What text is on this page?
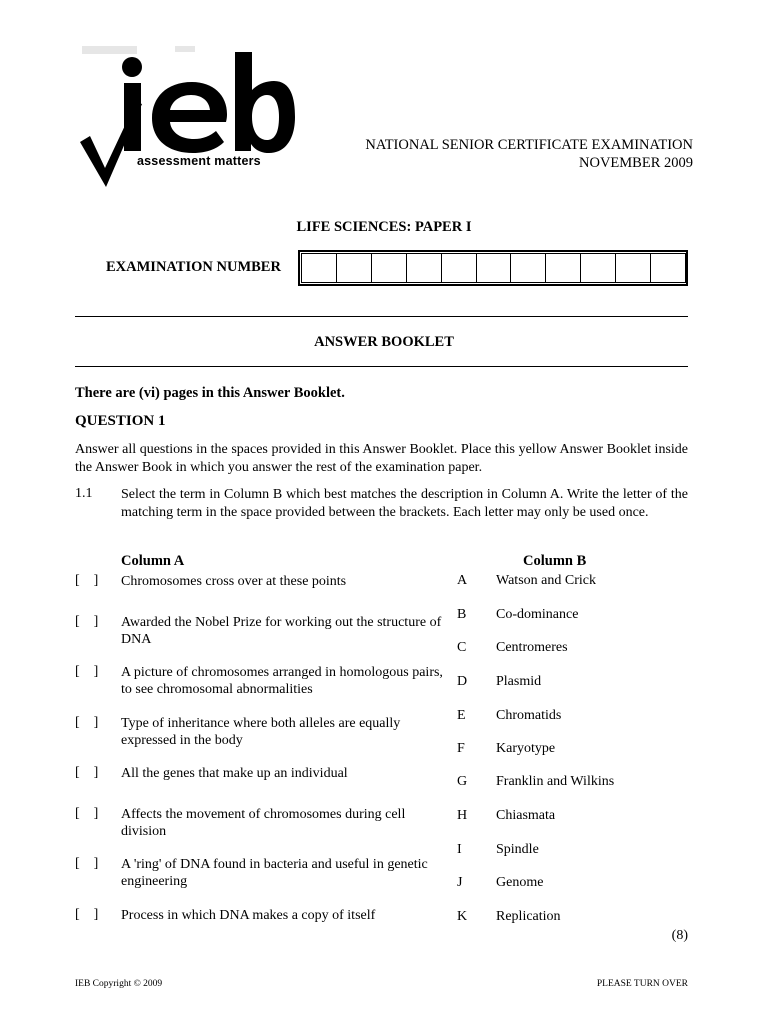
assessment matters
NATIONAL SENIOR CERTIFICATE EXAMINATION
NOVEMBER 2009
LIFE SCIENCES: PAPER I
EXAMINATION NUMBER
ANSWER BOOKLET
There are (vi) pages in this Answer Booklet.
QUESTION 1
Answer all questions in the spaces provided in this Answer Booklet. Place this yellow Answer Booklet inside the Answer Book in which you answer the rest of the examination paper.
1.1 Select the term in Column B which best matches the description in Column A. Write the letter of the matching term in the space provided between the brackets. Each letter may only be used once.
Column A	Column B
[    ]	Chromosomes cross over at these points
[    ]	Awarded the Nobel Prize for working out the structure of DNA
[    ]	A picture of chromosomes arranged in homologous pairs, to see chromosomal abnormalities
[    ]	Type of inheritance where both alleles are equally expressed in the body
[    ]	All the genes that make up an individual
[    ]	Affects the movement of chromosomes during cell division
[    ]	A 'ring' of DNA found in bacteria and useful in genetic engineering
[    ]	Process in which DNA makes a copy of itself
A Watson and Crick
B Co-dominance
C Centromeres
D Plasmid
E Chromatids
F Karyotype
G Franklin and Wilkins
H Chiasmata
I Spindle
J Genome
K Replication
(8)
IEB Copyright © 2009	PLEASE TURN OVER
